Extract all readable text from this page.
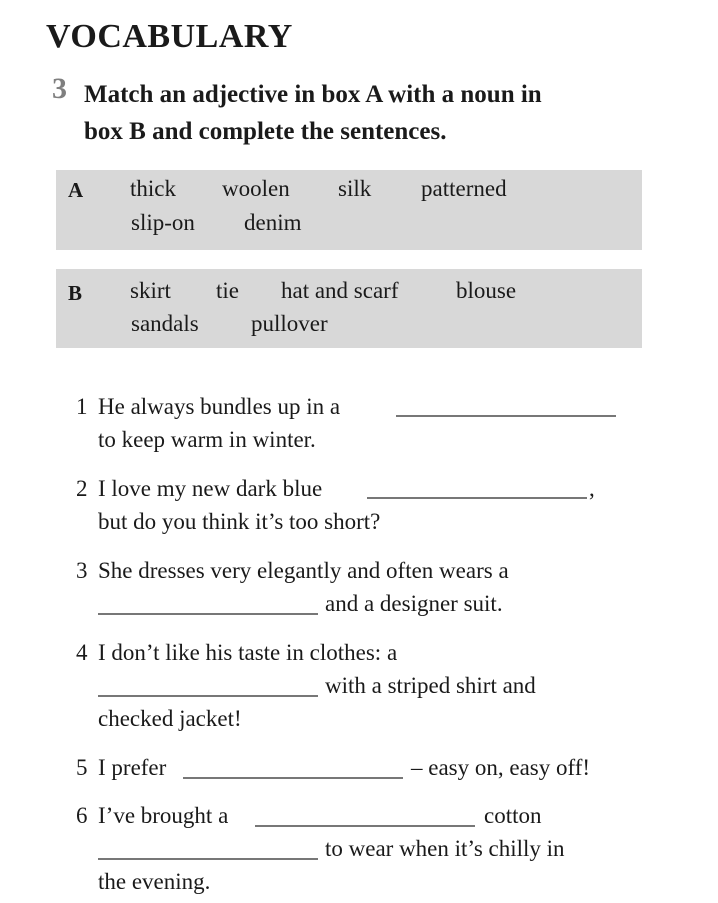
VOCABULARY
3 Match an adjective in box A with a noun in
box B and complete the sentences.

A thick woolen silk patterned
slip-on denim
B skirt tie hat and scarf	blouse
sandals pullover
1 He always bundles up in a
to keep warm in winter.
2 I love my new dark blue	,
but do you think it’s too short?
3 She dresses very elegantly and often wears a
and a designer suit.
4 I don’t like his taste in clothes: a
with a striped shirt and
checked jacket!
5 I prefer	– easy on, easy off!
6 I’ve brought a	cotton
to wear when it’s chilly in
the evening.
